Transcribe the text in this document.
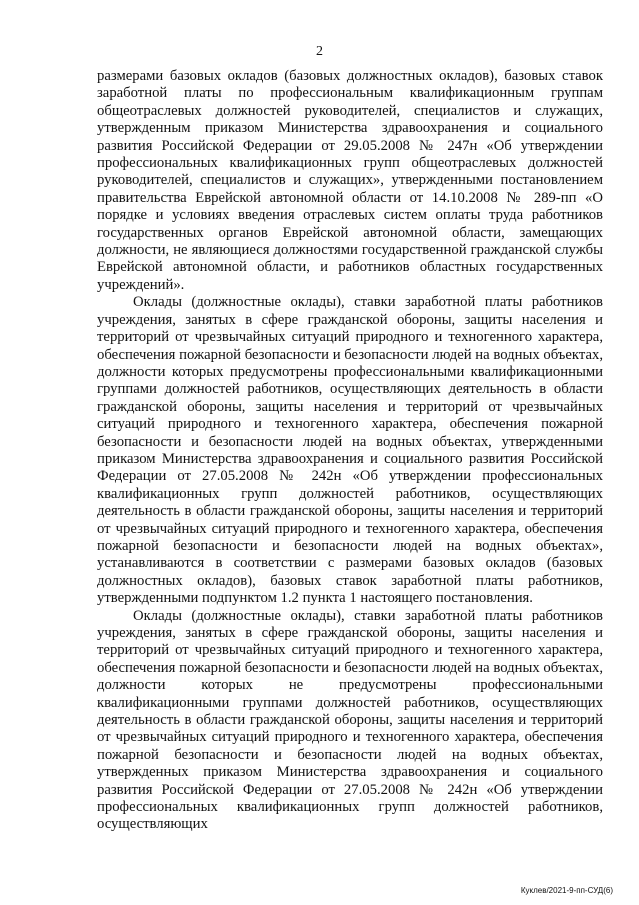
2

размерами базовых окладов (базовых должностных окладов), базовых ставок заработной платы по профессиональным квалификационным группам общеотраслевых должностей руководителей, специалистов и служащих, утвержденным приказом Министерства здравоохранения и социального развития Российской Федерации от 29.05.2008 № 247н «Об утверждении профессиональных квалификационных групп общеотраслевых должностей руководителей, специалистов и служащих», утвержденными постановлением правительства Еврейской автономной области от 14.10.2008 № 289-пп «О порядке и условиях введения отраслевых систем оплаты труда работников государственных органов Еврейской автономной области, замещающих должности, не являющиеся должностями государственной гражданской службы Еврейской автономной области, и работников областных государственных учреждений».

Оклады (должностные оклады), ставки заработной платы работников учреждения, занятых в сфере гражданской обороны, защиты населения и территорий от чрезвычайных ситуаций природного и техногенного характера, обеспечения пожарной безопасности и безопасности людей на водных объектах, должности которых предусмотрены профессиональными квалификационными группами должностей работников, осуществляющих деятельность в области гражданской обороны, защиты населения и территорий от чрезвычайных ситуаций природного и техногенного характера, обеспечения пожарной безопасности и безопасности людей на водных объектах, утвержденными приказом Министерства здравоохранения и социального развития Российской Федерации от 27.05.2008 № 242н «Об утверждении профессиональных квалификационных групп должностей работников, осуществляющих деятельность в области гражданской обороны, защиты населения и территорий от чрезвычайных ситуаций природного и техногенного характера, обеспечения пожарной безопасности и безопасности людей на водных объектах», устанавливаются в соответствии с размерами базовых окладов (базовых должностных окладов), базовых ставок заработной платы работников, утвержденными подпунктом 1.2 пункта 1 настоящего постановления.

Оклады (должностные оклады), ставки заработной платы работников учреждения, занятых в сфере гражданской обороны, защиты населения и территорий от чрезвычайных ситуаций природного и техногенного характера, обеспечения пожарной безопасности и безопасности людей на водных объектах, должности которых не предусмотрены профессиональными квалификационными группами должностей работников, осуществляющих деятельность в области гражданской обороны, защиты населения и территорий от чрезвычайных ситуаций природного и техногенного характера, обеспечения пожарной безопасности и безопасности людей на водных объектах, утвержденных приказом Министерства здравоохранения и социального развития Российской Федерации от 27.05.2008 № 242н «Об утверждении профессиональных квалификационных групп должностей работников, осуществляющих

Куклев/2021-9-пп-СУД(6)
